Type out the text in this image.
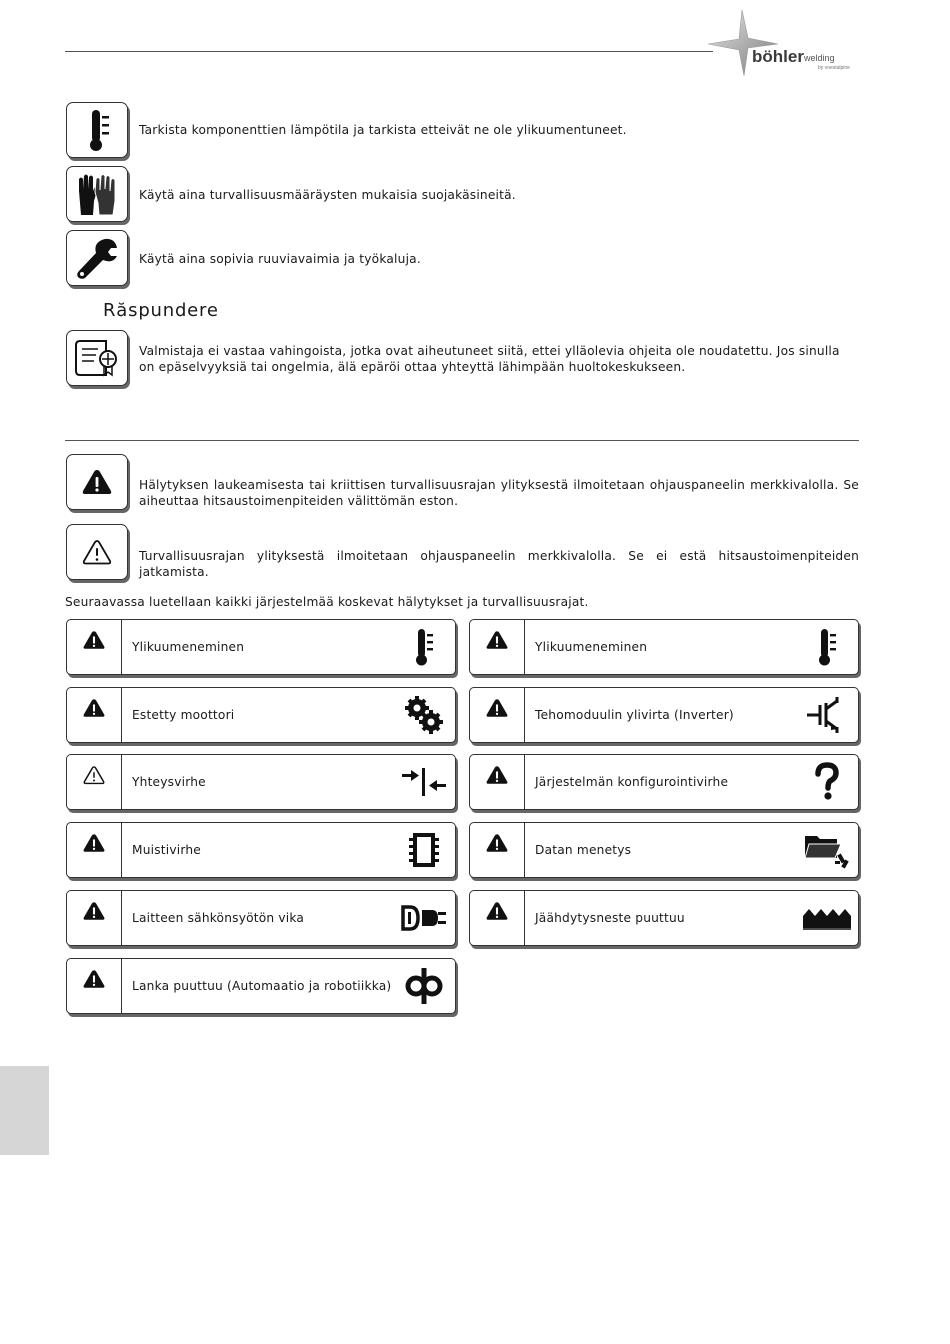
böhler welding
by voestalpine
Tarkista komponenttien lämpötila ja tarkista etteivät ne ole ylikuumentuneet.
Käytä aina turvallisuusmääräysten mukaisia suojakäsineitä.
Käytä aina sopivia ruuviavaimia ja työkaluja.
Răspundere
Valmistaja ei vastaa vahingoista, jotka ovat aiheutuneet siitä, ettei ylläolevia ohjeita ole noudatettu. Jos sinulla on epäselvyyksiä tai ongelmia, älä epäröi ottaa yhteyttä lähimpään huoltokeskukseen.
Hälytyksen laukeamisesta tai kriittisen turvallisuusrajan ylityksestä ilmoitetaan ohjauspaneelin merkkivalolla. Se aiheuttaa hitsaustoimenpiteiden välittömän eston.
Turvallisuusrajan ylityksestä ilmoitetaan ohjauspaneelin merkkivalolla. Se ei estä hitsaustoimenpiteiden jatkamista.
Seuraavassa luetellaan kaikki järjestelmää koskevat hälytykset ja turvallisuusrajat.
Ylikuumeneminen	Ylikuumeneminen
Estetty moottori	Tehomoduulin ylivirta (Inverter)
Yhteysvirhe	Järjestelmän konfigurointivirhe
Muistivirhe	Datan menetys
Laitteen sähkönsyötön vika	Jäähdytysneste puuttuu
Lanka puuttuu (Automaatio ja robotiikka)
